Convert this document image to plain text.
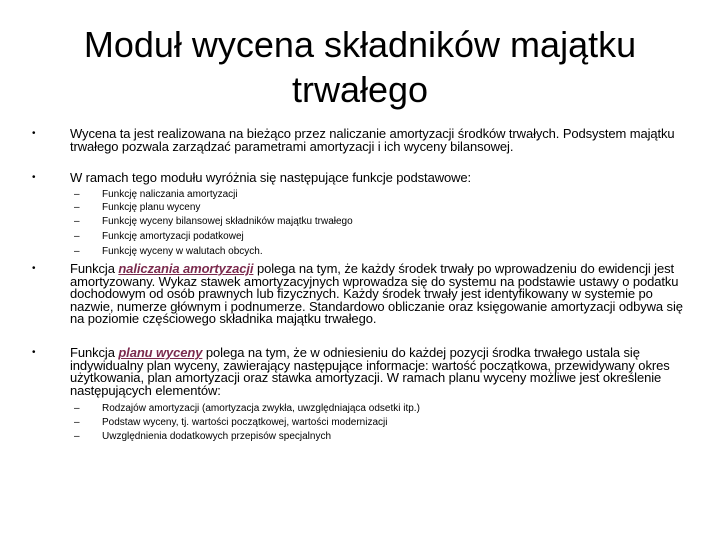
Moduł wycena składników majątku trwałego
•	Wycena ta jest realizowana na bieżąco przez naliczanie amortyzacji środków trwałych. Podsystem majątku trwałego pozwala zarządzać parametrami amortyzacji i ich wyceny bilansowej.
•	W ramach tego modułu wyróżnia się następujące funkcje podstawowe:
– Funkcję naliczania amortyzacji
– Funkcję planu wyceny
– Funkcję wyceny bilansowej składników majątku trwałego
– Funkcję amortyzacji podatkowej
– Funkcję wyceny w walutach obcych.
•	Funkcja naliczania amortyzacji polega na tym, że każdy środek trwały po wprowadzeniu do ewidencji jest amortyzowany. Wykaz stawek amortyzacyjnych wprowadza się do systemu na podstawie ustawy o podatku dochodowym od osób prawnych lub fizycznych. Każdy środek trwały jest identyfikowany w systemie po nazwie, numerze głównym i podnumerze. Standardowo obliczanie oraz księgowanie amortyzacji odbywa się na poziomie częściowego składnika majątku trwałego.
•	Funkcja planu wyceny polega na tym, że w odniesieniu do każdej pozycji środka trwałego ustala się indywidualny plan wyceny, zawierający następujące informacje: wartość początkowa, przewidywany okres użytkowania, plan amortyzacji oraz stawka amortyzacji. W ramach planu wyceny możliwe jest określenie następujących elementów:
– Rodzajów amortyzacji (amortyzacja zwykła, uwzględniająca odsetki itp.)
– Podstaw wyceny, tj. wartości początkowej, wartości modernizacji
– Uwzględnienia dodatkowych przepisów specjalnych
